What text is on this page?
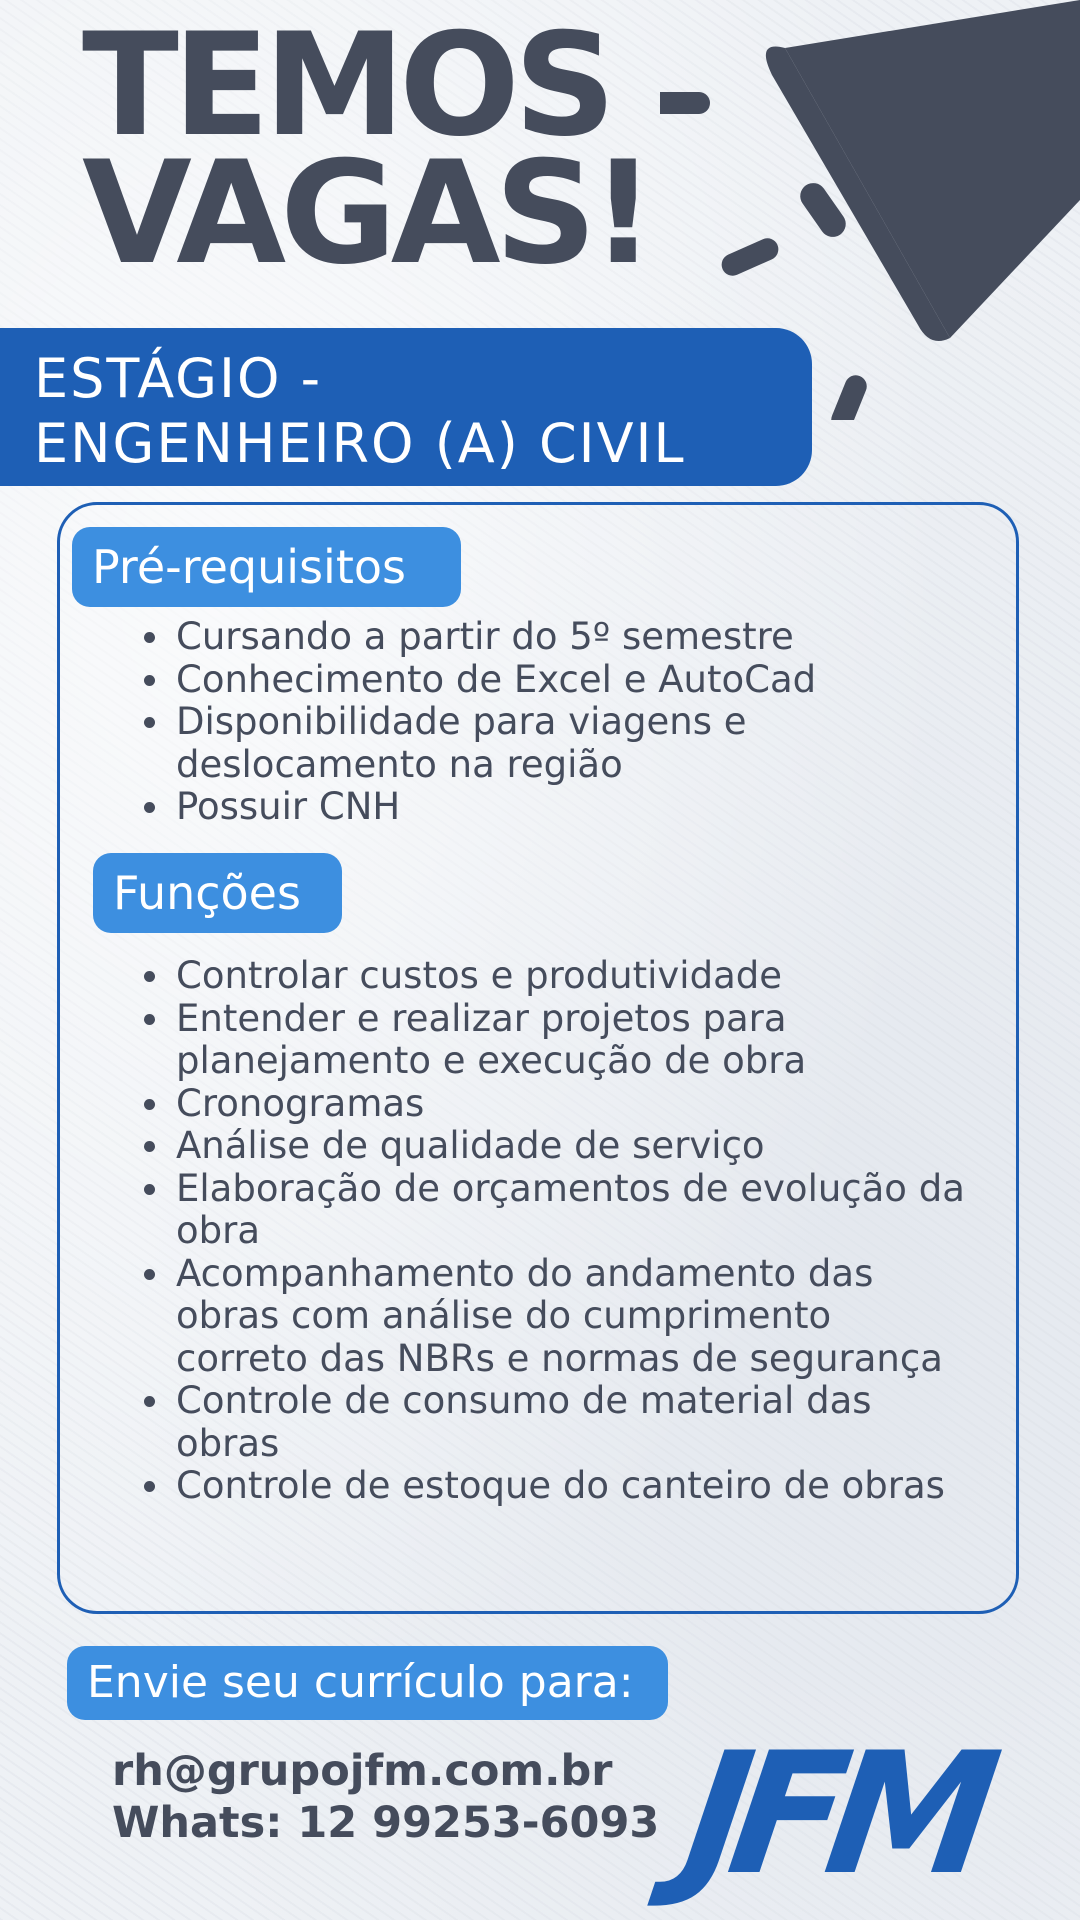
TEMOS
VAGAS!
ESTÁGIO -
ENGENHEIRO (A) CIVIL
Pré-requisitos
Cursando a partir do 5º semestre
Conhecimento de Excel e AutoCad
Disponibilidade para viagens e deslocamento na região
Possuir CNH
Funções
Controlar custos e produtividade
Entender e realizar projetos para planejamento e execução de obra
Cronogramas
Análise de qualidade de serviço
Elaboração de orçamentos de evolução da obra
Acompanhamento do andamento das obras com análise do cumprimento correto das NBRs e normas de segurança
Controle de consumo de material das obras
Controle de estoque do canteiro de obras
Envie seu currículo para:
rh@grupojfm.com.br
Whats: 12 99253-6093 JFM
